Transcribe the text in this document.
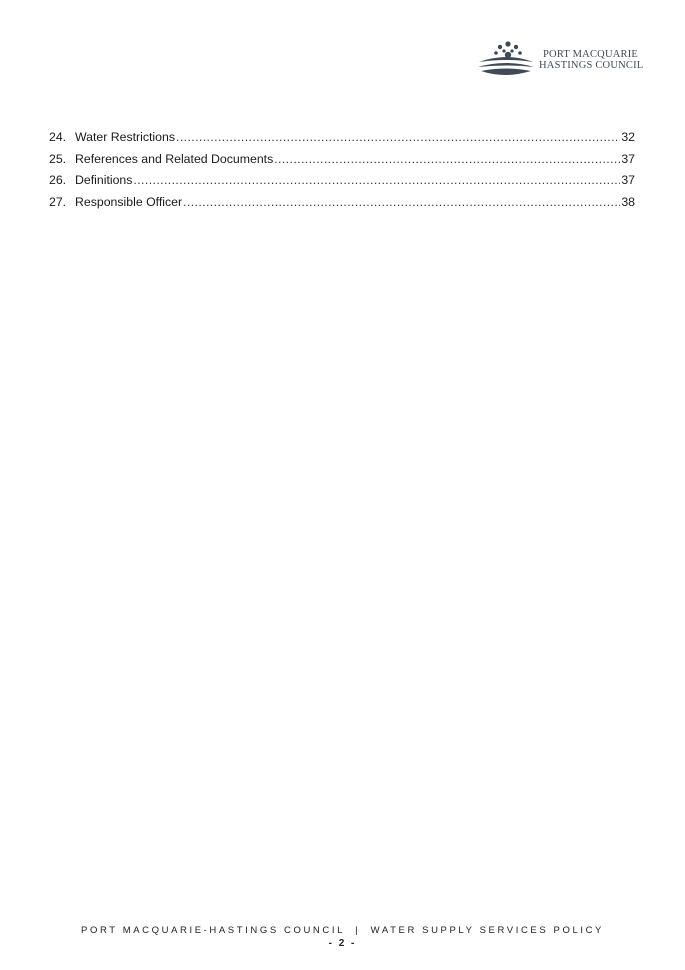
PORT MACQUARIE
HASTINGS COUNCIL
24. Water Restrictions .....	32
25. References and Related Documents .....	37
26. Definitions .....	37
27. Responsible Officer .....	38
PORT MACQUARIE-HASTINGS COUNCIL | WATER SUPPLY SERVICES POLICY
- 2 -
